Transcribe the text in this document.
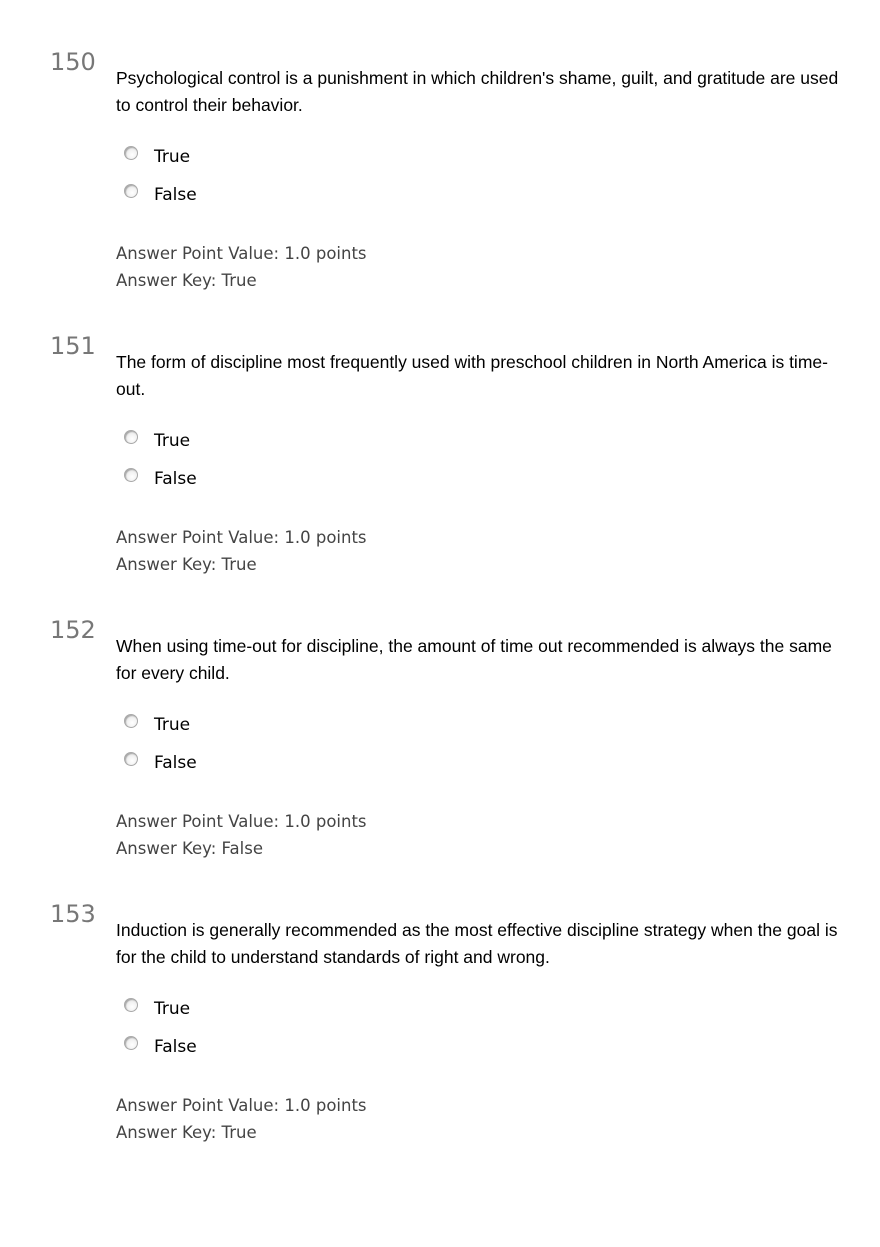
150
Psychological control is a punishment in which children's shame, guilt, and gratitude are used to control their behavior.
True
False
Answer Point Value: 1.0 points
Answer Key: True
151
The form of discipline most frequently used with preschool children in North America is time-out.
True
False
Answer Point Value: 1.0 points
Answer Key: True
152
When using time-out for discipline, the amount of time out recommended is always the same for every child.
True
False
Answer Point Value: 1.0 points
Answer Key: False
153
Induction is generally recommended as the most effective discipline strategy when the goal is for the child to understand standards of right and wrong.
True
False
Answer Point Value: 1.0 points
Answer Key: True
